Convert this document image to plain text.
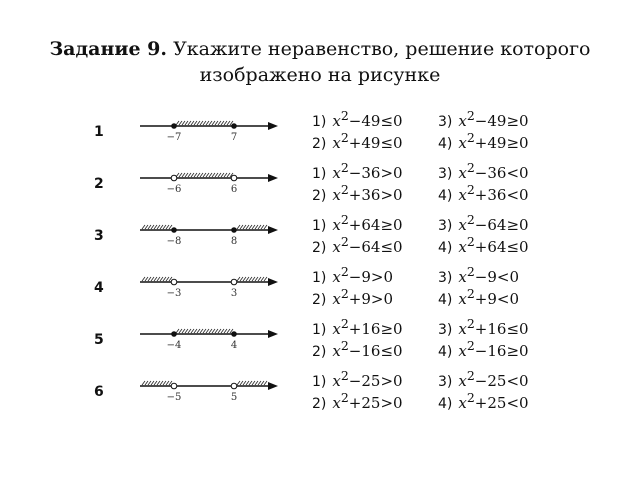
Задание 9. Укажите неравенство, решение которого изображено на рисунке
1
2
3
4
5
6
−7	7
−6	6
−8	8
−3	3
−4	4
−5	5
1) $x^2-49\le 0$	3) $x^2-49\ge 0$
2) $x^2+49\le 0$	4) $x^2+49\ge 0$
1) $x^2-36>0$	3) $x^2-36<0$
2) $x^2+36>0$	4) $x^2+36<0$
1) $x^2+64\ge 0$	3) $x^2-64\ge 0$
2) $x^2-64\le 0$	4) $x^2+64\le 0$
1) $x^2-9>0$	3) $x^2-9<0$
2) $x^2+9>0$	4) $x^2+9<0$
1) $x^2+16\ge 0$	3) $x^2+16\le 0$
2) $x^2-16\le 0$	4) $x^2-16\ge 0$
1) $x^2-25>0$	3) $x^2-25<0$
2) $x^2+25>0$	4) $x^2+25<0$
